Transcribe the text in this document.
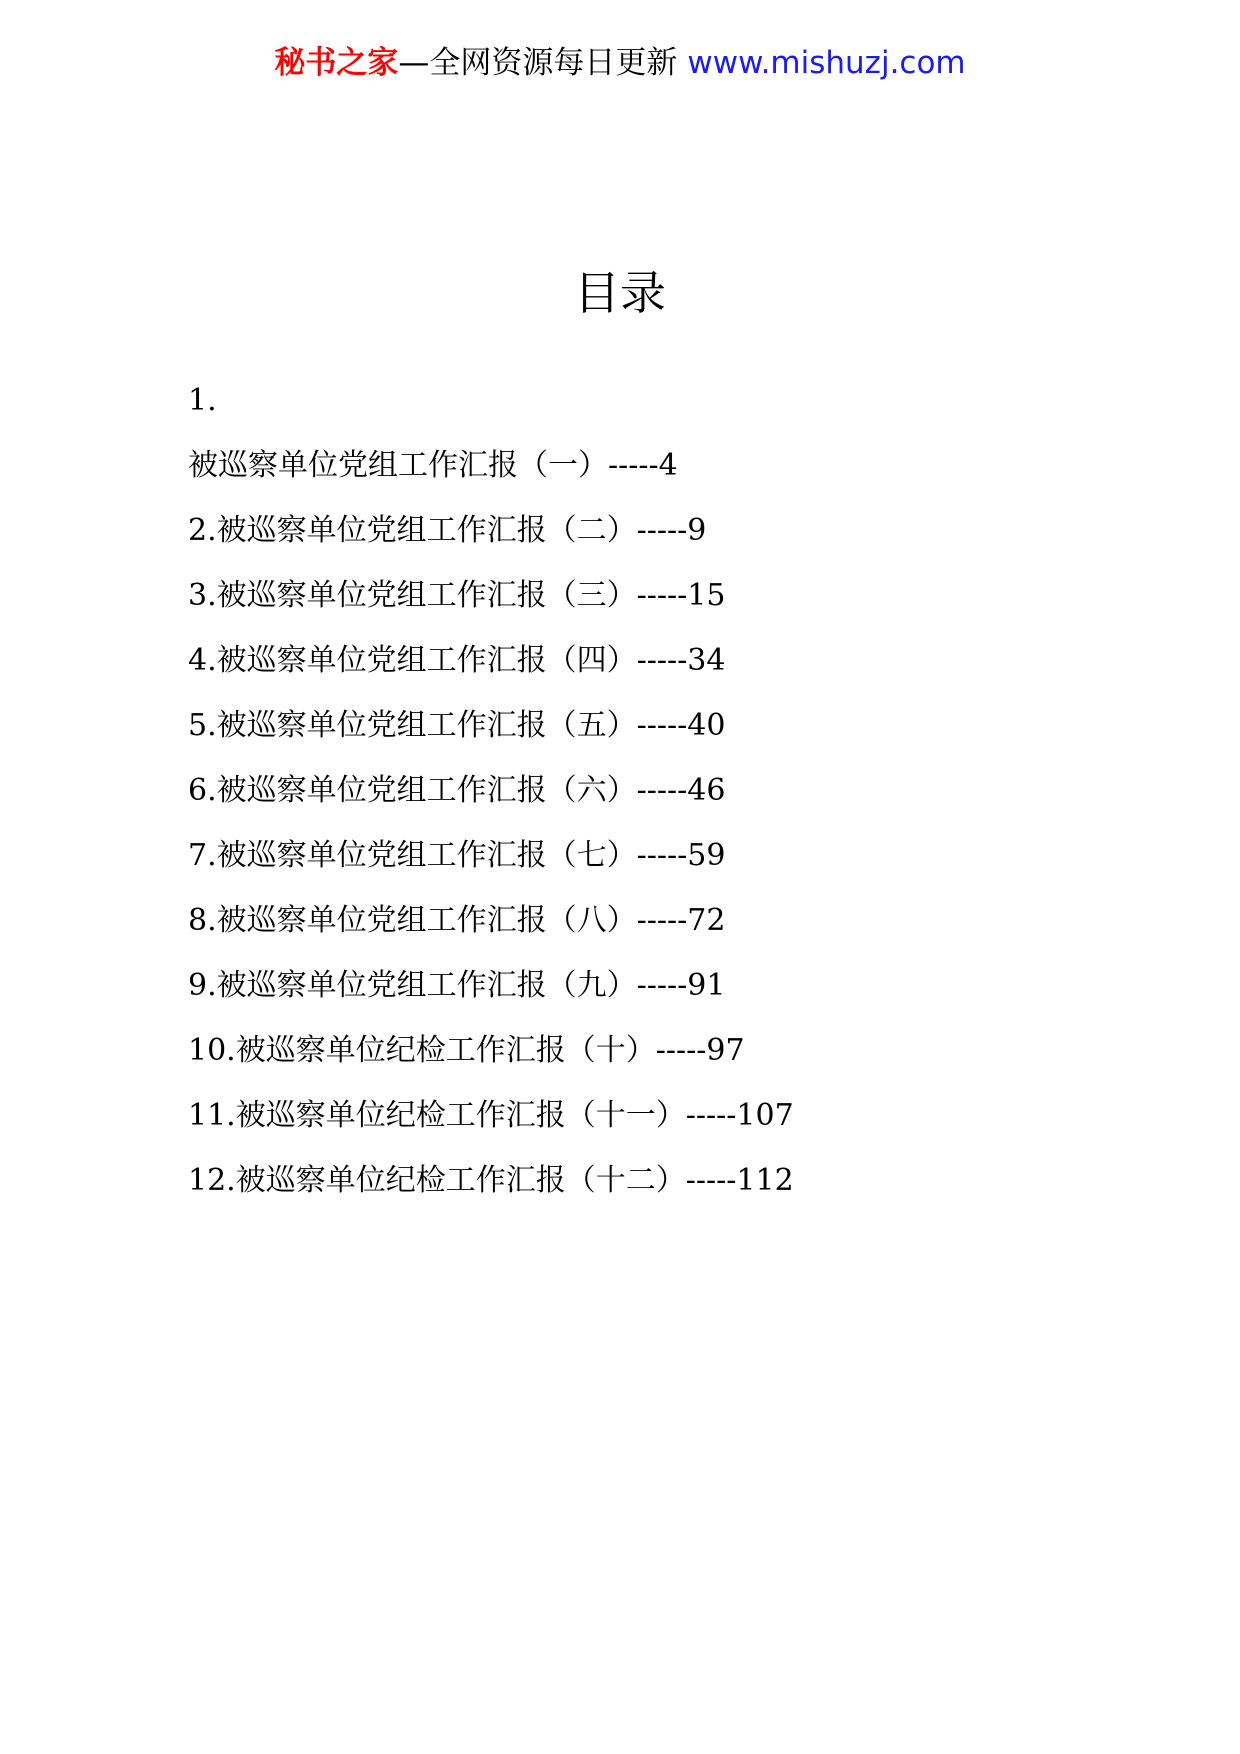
秘书之家—全网资源每日更新 www.mishuzj.com
目录
1.
被巡察单位党组工作汇报（一）-----4
2.被巡察单位党组工作汇报（二）-----9
3.被巡察单位党组工作汇报（三）-----15
4.被巡察单位党组工作汇报（四）-----34
5.被巡察单位党组工作汇报（五）-----40
6.被巡察单位党组工作汇报（六）-----46
7.被巡察单位党组工作汇报（七）-----59
8.被巡察单位党组工作汇报（八）-----72
9.被巡察单位党组工作汇报（九）-----91
10.被巡察单位纪检工作汇报（十）-----97
11.被巡察单位纪检工作汇报（十一）-----107
12.被巡察单位纪检工作汇报（十二）-----112
